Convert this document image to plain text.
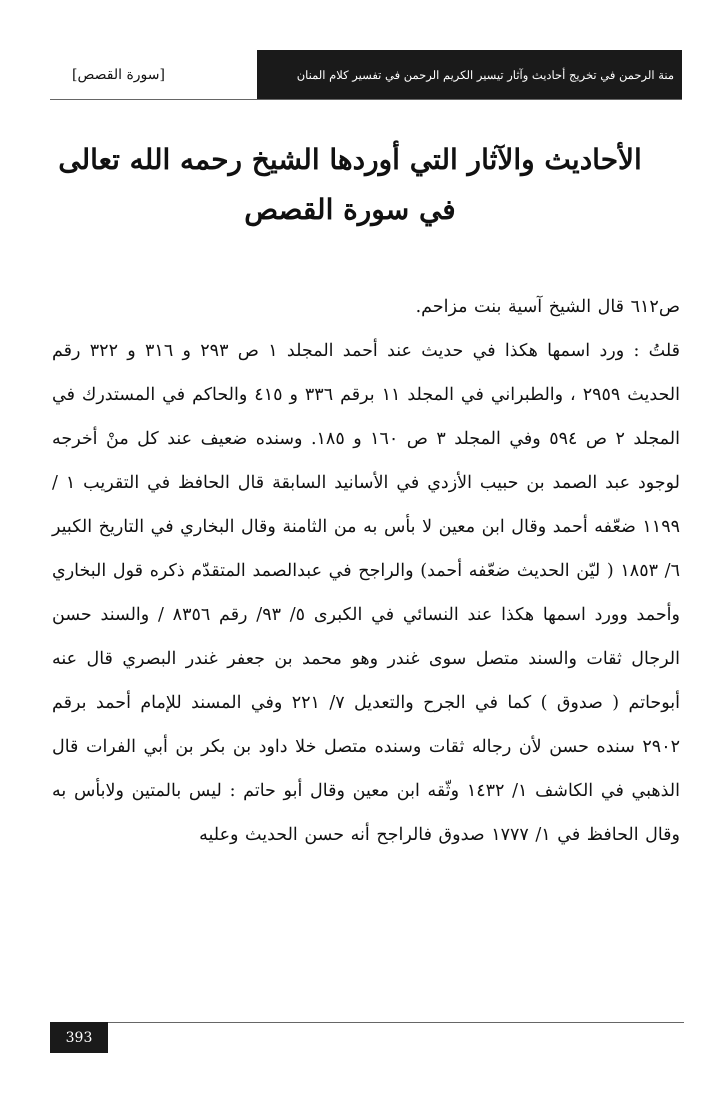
[سورة القصص]	منة الرحمن في تخريج أحاديث وآثار تيسير الكريم الرحمن في تفسير كلام المنان
الأحاديث والآثار التي أوردها الشيخ رحمه الله تعالى
في سورة القصص

ص٦١٢ قال الشيخ آسية بنت مزاحم.

قلتُ : ورد اسمها هكذا في حديث عند أحمد المجلد ١ ص ٢٩٣ و ٣١٦ و ٣٢٢ رقم الحديث ٢٩٥٩ ، والطبراني في المجلد ١١ برقم ٣٣٦ و ٤١٥ والحاكم في المستدرك في المجلد ٢ ص ٥٩٤ وفي المجلد ٣ ص ١٦٠ و ١٨٥. وسنده ضعيف عند كل منْ أخرجه لوجود عبد الصمد بن حبيب الأزدي في الأسانيد السابقة قال الحافظ في التقريب ١ / ١١٩٩ ضعّفه أحمد وقال ابن معين لا بأس به من الثامنة وقال البخاري في التاريخ الكبير ٦/ ١٨٥٣ ( ليّن الحديث ضعّفه أحمد) والراجح في عبدالصمد المتقدّم ذكره قول البخاري وأحمد وورد اسمها هكذا عند النسائي في الكبرى ٥/ ٩٣/ رقم ٨٣٥٦ / والسند حسن الرجال ثقات والسند متصل سوى غندر وهو محمد بن جعفر غندر البصري قال عنه أبوحاتم ( صدوق ) كما في الجرح والتعديل ٧/ ٢٢١ وفي المسند للإمام أحمد برقم ٢٩٠٢ سنده حسن لأن رجاله ثقات وسنده متصل خلا داود بن بكر بن أبي الفرات قال الذهبي في الكاشف ١/ ١٤٣٢ وثّقه ابن معين وقال أبو حاتم : ليس بالمتين ولابأس به وقال الحافظ في ١/ ١٧٧٧ صدوق فالراجح أنه حسن الحديث وعليه

393
